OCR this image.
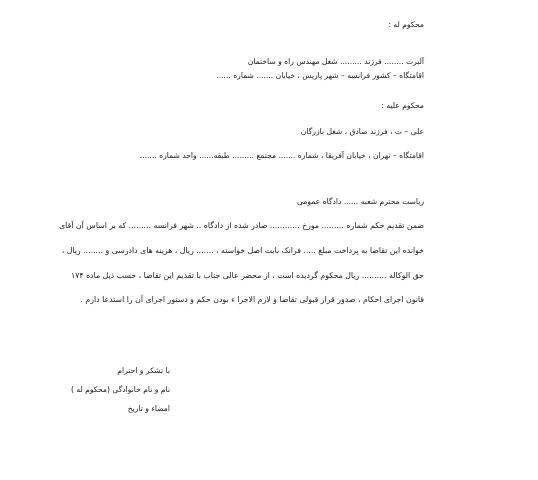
محکوم له :

آلبرت ........ فرزند ......... شغل مهندس راه و ساختمان

اقامتگاه – کشور فرانسه – شهر پاریس ، خیابان ....... شماره ......

محکوم علیه :

علی – ت ، فرزند صادق ، شغل بازرگان

اقامتگاه – تهران ، خیابان آفریقا ، شماره ....... مجتمع ......... طبقه...... واحد شماره .......

ریاست محترم شعبه ...... دادگاه عمومی

ضمن تقدیم حکم شماره ......... مورخ ............ صادر شده از دادگاه .. شهر فرانسه ......... که بر اساس آن آقای

خوانده این تقاضا به پرداخت مبلغ ..... فرانک بابت اصل خواسته ، ....... ریال ، هزینه های دادرسی و ........ ریال ،

حق الوکاله .......... ریال محکوم گردیده است ، از محضر عالی جناب با تقدیم این تقاضا ، حسب ذیل ماده ۱۷۴

قانون اجرای احکام ، صدور قرار قبولی تقاضا و لازم الاجرا ء بودن حکم و دستور اجرای آن را استدعا دارم .

با تشکر و احترام

نام و نام خانوادگی (محکوم له )

امضاء و تاریخ
